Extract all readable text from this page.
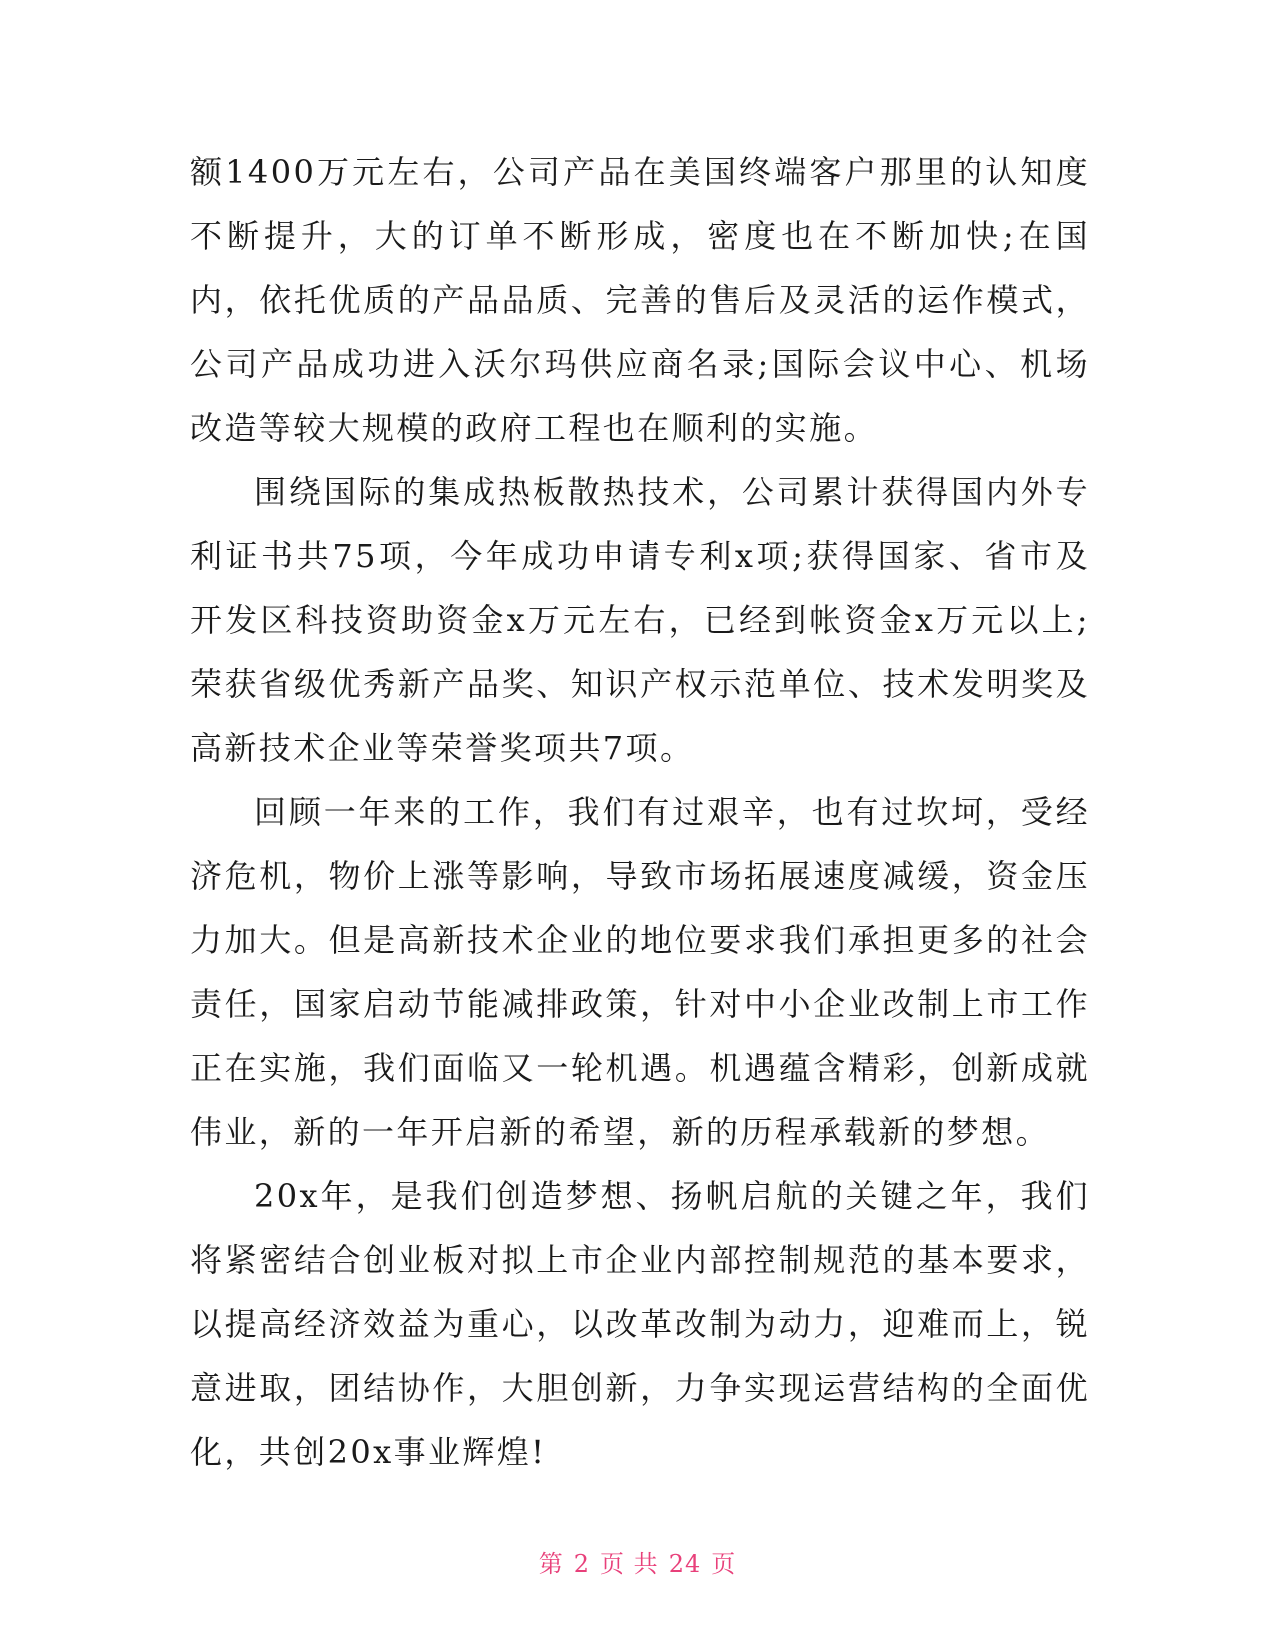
额1400万元左右，公司产品在美国终端客户那里的认知度不断提升，大的订单不断形成，密度也在不断加快;在国内，依托优质的产品品质、完善的售后及灵活的运作模式，公司产品成功进入沃尔玛供应商名录;国际会议中心、机场改造等较大规模的政府工程也在顺利的实施。

围绕国际的集成热板散热技术，公司累计获得国内外专利证书共75项，今年成功申请专利x项;获得国家、省市及开发区科技资助资金x万元左右，已经到帐资金x万元以上;荣获省级优秀新产品奖、知识产权示范单位、技术发明奖及高新技术企业等荣誉奖项共7项。

回顾一年来的工作，我们有过艰辛，也有过坎坷，受经济危机，物价上涨等影响，导致市场拓展速度减缓，资金压力加大。但是高新技术企业的地位要求我们承担更多的社会责任，国家启动节能减排政策，针对中小企业改制上市工作正在实施，我们面临又一轮机遇。机遇蕴含精彩，创新成就伟业，新的一年开启新的希望，新的历程承载新的梦想。

20x年，是我们创造梦想、扬帆启航的关键之年，我们将紧密结合创业板对拟上市企业内部控制规范的基本要求，以提高经济效益为重心，以改革改制为动力，迎难而上，锐意进取，团结协作，大胆创新，力争实现运营结构的全面优化，共创20x事业辉煌!

第 2 页 共 24 页
